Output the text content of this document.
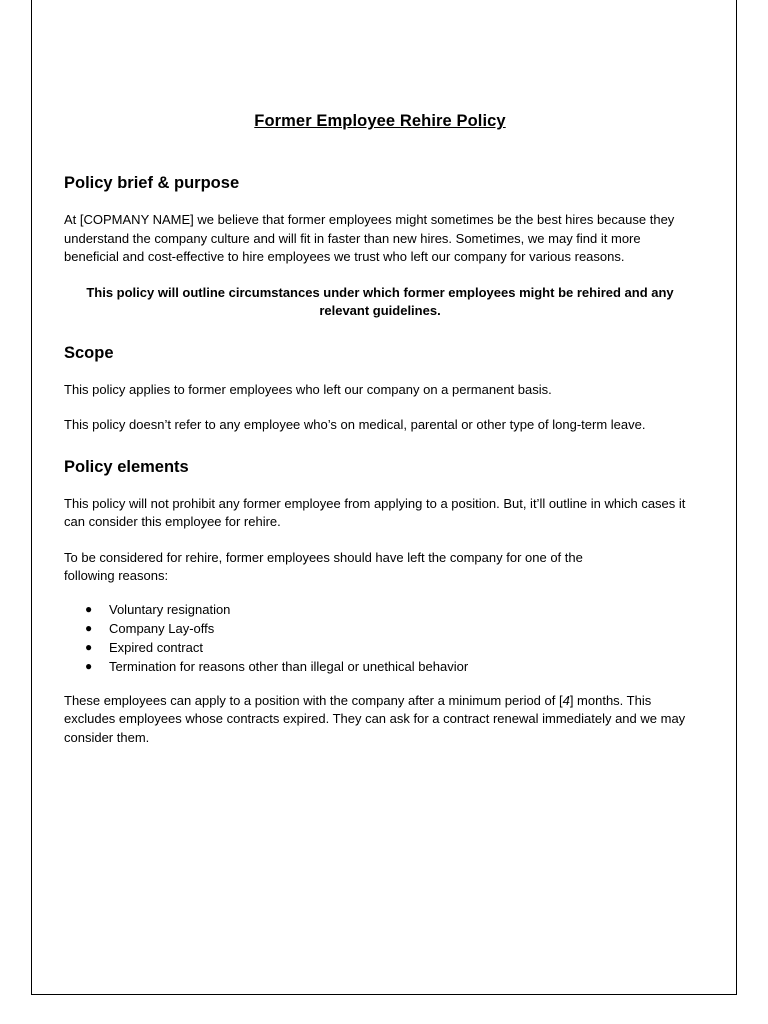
Former Employee Rehire Policy
Policy brief & purpose

At [COPMANY NAME] we believe that former employees might sometimes be the best hires because they understand the company culture and will fit in faster than new hires. Sometimes, we may find it more beneficial and cost-effective to hire employees we trust who left our company for various reasons.

This policy will outline circumstances under which former employees might be rehired and any relevant guidelines.

Scope

This policy applies to former employees who left our company on a permanent basis.

This policy doesn’t refer to any employee who’s on medical, parental or other type of long-term leave.

Policy elements

This policy will not prohibit any former employee from applying to a position. But, it’ll outline in which cases it can consider this employee for rehire.

To be considered for rehire, former employees should have left the company for one of the following reasons:

● Voluntary resignation
● Company Lay-offs
● Expired contract
● Termination for reasons other than illegal or unethical behavior

These employees can apply to a position with the company after a minimum period of [4] months. This excludes employees whose contracts expired. They can ask for a contract renewal immediately and we may consider them.
